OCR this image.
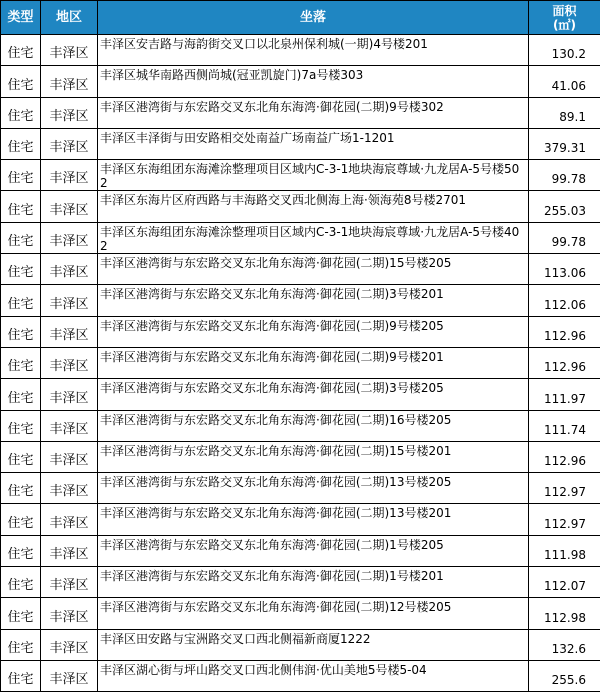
类型	地区	坐落	面积
(㎡)

住宅	丰泽区	丰泽区安吉路与海韵街交叉口以北泉州保利城(一期)4号楼201	130.2
住宅	丰泽区	丰泽区城华南路西侧尚城(冠亚凯旋门)7a号楼303	41.06
住宅	丰泽区	丰泽区港湾街与东宏路交叉东北角东海湾·御花园(二期)9号楼302	89.1
住宅	丰泽区	丰泽区丰泽街与田安路相交处南益广场南益广场1-1201	379.31
住宅	丰泽区	丰泽区东海组团东海滩涂整理项目区域内C-3-1地块海宸尊域·九龙居A-5号楼502	99.78
住宅	丰泽区	丰泽区东海片区府西路与丰海路交叉西北侧海上海·领海苑8号楼2701	255.03
住宅	丰泽区	丰泽区东海组团东海滩涂整理项目区域内C-3-1地块海宸尊域·九龙居A-5号楼402	99.78
住宅	丰泽区	丰泽区港湾街与东宏路交叉东北角东海湾·御花园(二期)15号楼205	113.06
住宅	丰泽区	丰泽区港湾街与东宏路交叉东北角东海湾·御花园(二期)3号楼201	112.06
住宅	丰泽区	丰泽区港湾街与东宏路交叉东北角东海湾·御花园(二期)9号楼205	112.96
住宅	丰泽区	丰泽区港湾街与东宏路交叉东北角东海湾·御花园(二期)9号楼201	112.96
住宅	丰泽区	丰泽区港湾街与东宏路交叉东北角东海湾·御花园(二期)3号楼205	111.97
住宅	丰泽区	丰泽区港湾街与东宏路交叉东北角东海湾·御花园(二期)16号楼205	111.74
住宅	丰泽区	丰泽区港湾街与东宏路交叉东北角东海湾·御花园(二期)15号楼201	112.96
住宅	丰泽区	丰泽区港湾街与东宏路交叉东北角东海湾·御花园(二期)13号楼205	112.97
住宅	丰泽区	丰泽区港湾街与东宏路交叉东北角东海湾·御花园(二期)13号楼201	112.97
住宅	丰泽区	丰泽区港湾街与东宏路交叉东北角东海湾·御花园(二期)1号楼205	111.98
住宅	丰泽区	丰泽区港湾街与东宏路交叉东北角东海湾·御花园(二期)1号楼201	112.07
住宅	丰泽区	丰泽区港湾街与东宏路交叉东北角东海湾·御花园(二期)12号楼205	112.98
住宅	丰泽区	丰泽区田安路与宝洲路交叉口西北侧福新商厦1222	132.6
住宅	丰泽区	丰泽区湖心街与坪山路交叉口西北侧伟润·优山美地5号楼5-04	255.6
